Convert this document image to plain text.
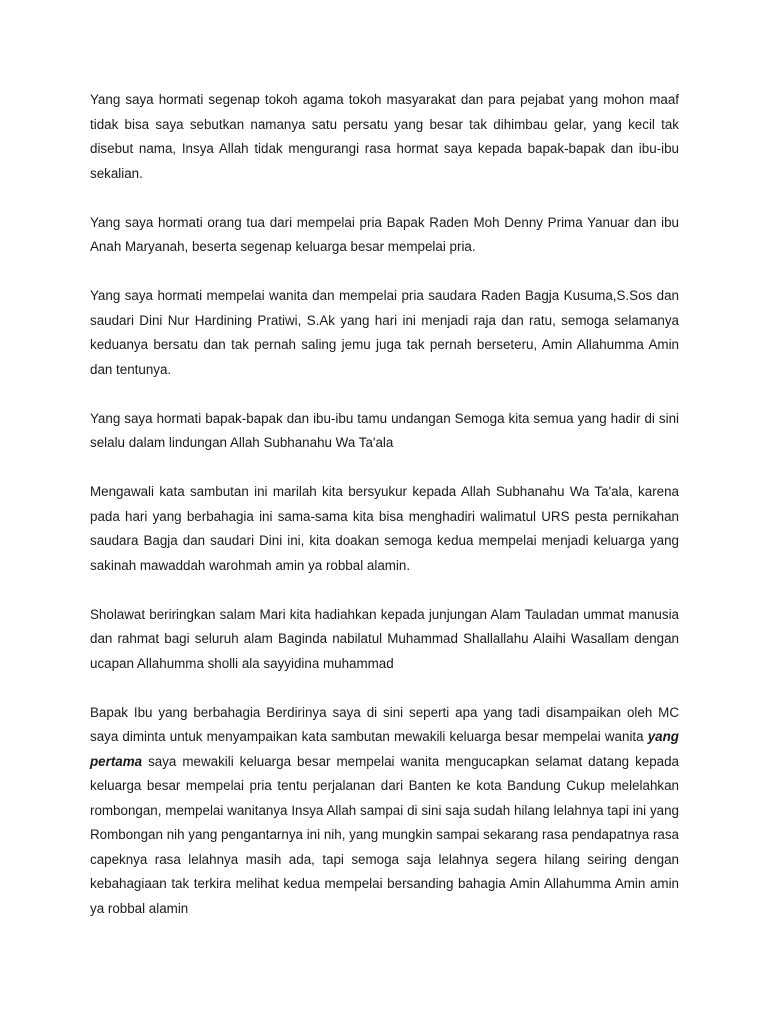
Yang saya hormati segenap tokoh agama tokoh masyarakat dan para pejabat yang mohon maaf tidak bisa saya sebutkan namanya satu persatu yang besar tak dihimbau gelar, yang kecil tak disebut nama, Insya Allah tidak mengurangi rasa hormat saya kepada bapak-bapak dan ibu-ibu sekalian.

Yang saya hormati orang tua dari mempelai pria Bapak Raden Moh Denny Prima Yanuar dan ibu Anah Maryanah, beserta segenap keluarga besar mempelai pria.

Yang saya hormati mempelai wanita dan mempelai pria saudara Raden Bagja Kusuma,S.Sos dan saudari Dini Nur Hardining Pratiwi, S.Ak yang hari ini menjadi raja dan ratu, semoga selamanya keduanya bersatu dan tak pernah saling jemu juga tak pernah berseteru, Amin Allahumma Amin dan tentunya.

Yang saya hormati bapak-bapak dan ibu-ibu tamu undangan Semoga kita semua yang hadir di sini selalu dalam lindungan Allah Subhanahu Wa Ta'ala

Mengawali kata sambutan ini marilah kita bersyukur kepada Allah Subhanahu Wa Ta'ala, karena pada hari yang berbahagia ini sama-sama kita bisa menghadiri walimatul URS pesta pernikahan saudara Bagja dan saudari Dini ini, kita doakan semoga kedua mempelai menjadi keluarga yang sakinah mawaddah warohmah amin ya robbal alamin.

Sholawat beriringkan salam Mari kita hadiahkan kepada junjungan Alam Tauladan ummat manusia dan rahmat bagi seluruh alam Baginda nabilatul Muhammad Shallallahu Alaihi Wasallam dengan ucapan Allahumma sholli ala sayyidina muhammad

Bapak Ibu yang berbahagia Berdirinya saya di sini seperti apa yang tadi disampaikan oleh MC saya diminta untuk menyampaikan kata sambutan mewakili keluarga besar mempelai wanita yang pertama saya mewakili keluarga besar mempelai wanita mengucapkan selamat datang kepada keluarga besar mempelai pria tentu perjalanan dari Banten ke kota Bandung Cukup melelahkan rombongan, mempelai wanitanya Insya Allah sampai di sini saja sudah hilang lelahnya tapi ini yang Rombongan nih yang pengantarnya ini nih, yang mungkin sampai sekarang rasa pendapatnya rasa capeknya rasa lelahnya masih ada, tapi semoga saja lelahnya segera hilang seiring dengan kebahagiaan tak terkira melihat kedua mempelai bersanding bahagia Amin Allahumma Amin amin ya robbal alamin
